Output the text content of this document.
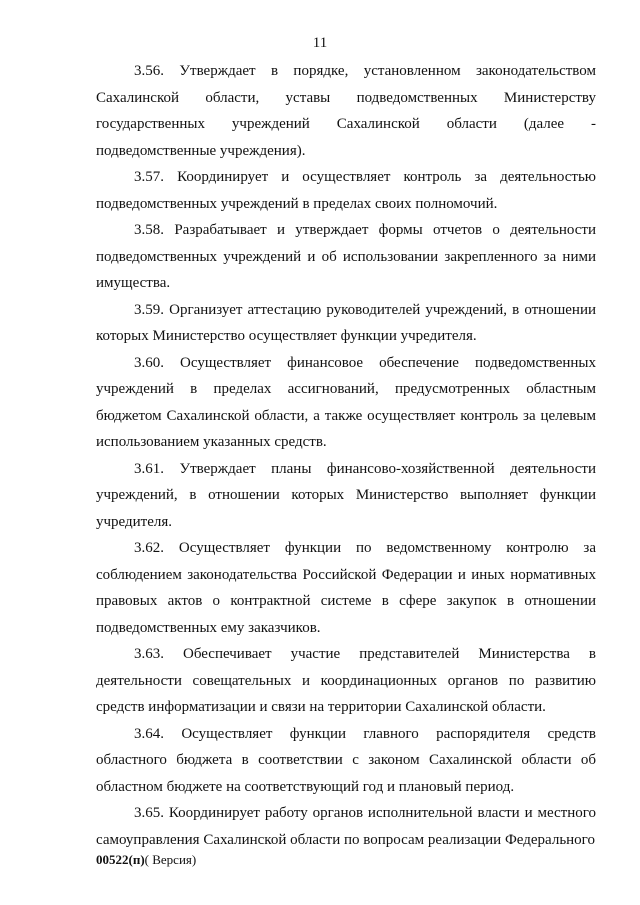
11

3.56. Утверждает в порядке, установленном законодательством Сахалинской области, уставы подведомственных Министерству государственных учреждений Сахалинской области (далее - подведомственные учреждения).

3.57. Координирует и осуществляет контроль за деятельностью подведомственных учреждений в пределах своих полномочий.

3.58. Разрабатывает и утверждает формы отчетов о деятельности подведомственных учреждений и об использовании закрепленного за ними имущества.

3.59. Организует аттестацию руководителей учреждений, в отношении которых Министерство осуществляет функции учредителя.

3.60. Осуществляет финансовое обеспечение подведомственных учреждений в пределах ассигнований, предусмотренных областным бюджетом Сахалинской области, а также осуществляет контроль за целевым использованием указанных средств.

3.61. Утверждает планы финансово-хозяйственной деятельности учреждений, в отношении которых Министерство выполняет функции учредителя.

3.62. Осуществляет функции по ведомственному контролю за соблюдением законодательства Российской Федерации и иных нормативных правовых актов о контрактной системе в сфере закупок в отношении подведомственных ему заказчиков.

3.63. Обеспечивает участие представителей Министерства в деятельности совещательных и координационных органов по развитию средств информатизации и связи на территории Сахалинской области.

3.64. Осуществляет функции главного распорядителя средств областного бюджета в соответствии с законом Сахалинской области об областном бюджете на соответствующий год и плановый период.

3.65. Координирует работу органов исполнительной власти и местного самоуправления Сахалинской области по вопросам реализации Федерального

00522(п)( Версия)
